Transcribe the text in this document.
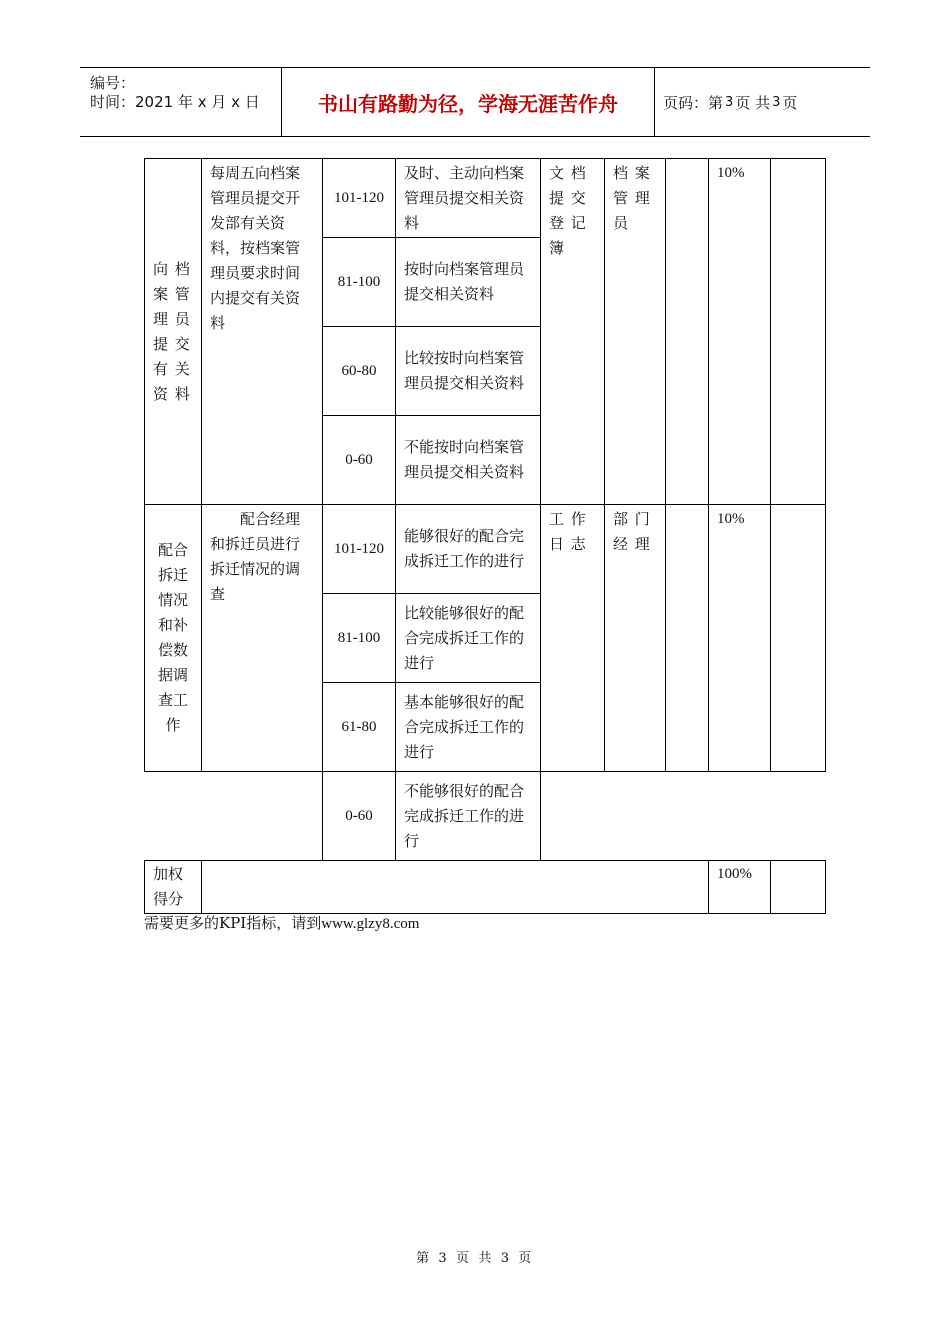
编号：
时间：2021 年 x 月 x 日	书山有路勤为径，学海无涯苦作舟	页码：第 3 页 共 3 页
向档案管理员提交有关资料	每周五向档案管理员提交开发部有关资料，按档案管理员要求时间内提交有关资料	101-120	及时、主动向档案管理员提交相关资料	文档提交登记簿	档案管理员		10%	

		81-100	按时向档案管理员提交相关资料					

		60-80	比较按时向档案管理员提交相关资料					

		0-60	不能按时向档案管理员提交相关资料					

配合拆迁情况和补偿数据调查工作	配合经理和拆迁员进行拆迁情况的调查	101-120	能够很好的配合完成拆迁工作的进行	工作日志	部门经理		10%	

		81-100	比较能够很好的配合完成拆迁工作的进行					

		61-80	基本能够很好的配合完成拆迁工作的进行					

		0-60	不能够很好的配合完成拆迁工作的进行					

加权得分							100%	

需要更多的KPI指标，请到www.glzy8.com
第 3 页 共 3 页
